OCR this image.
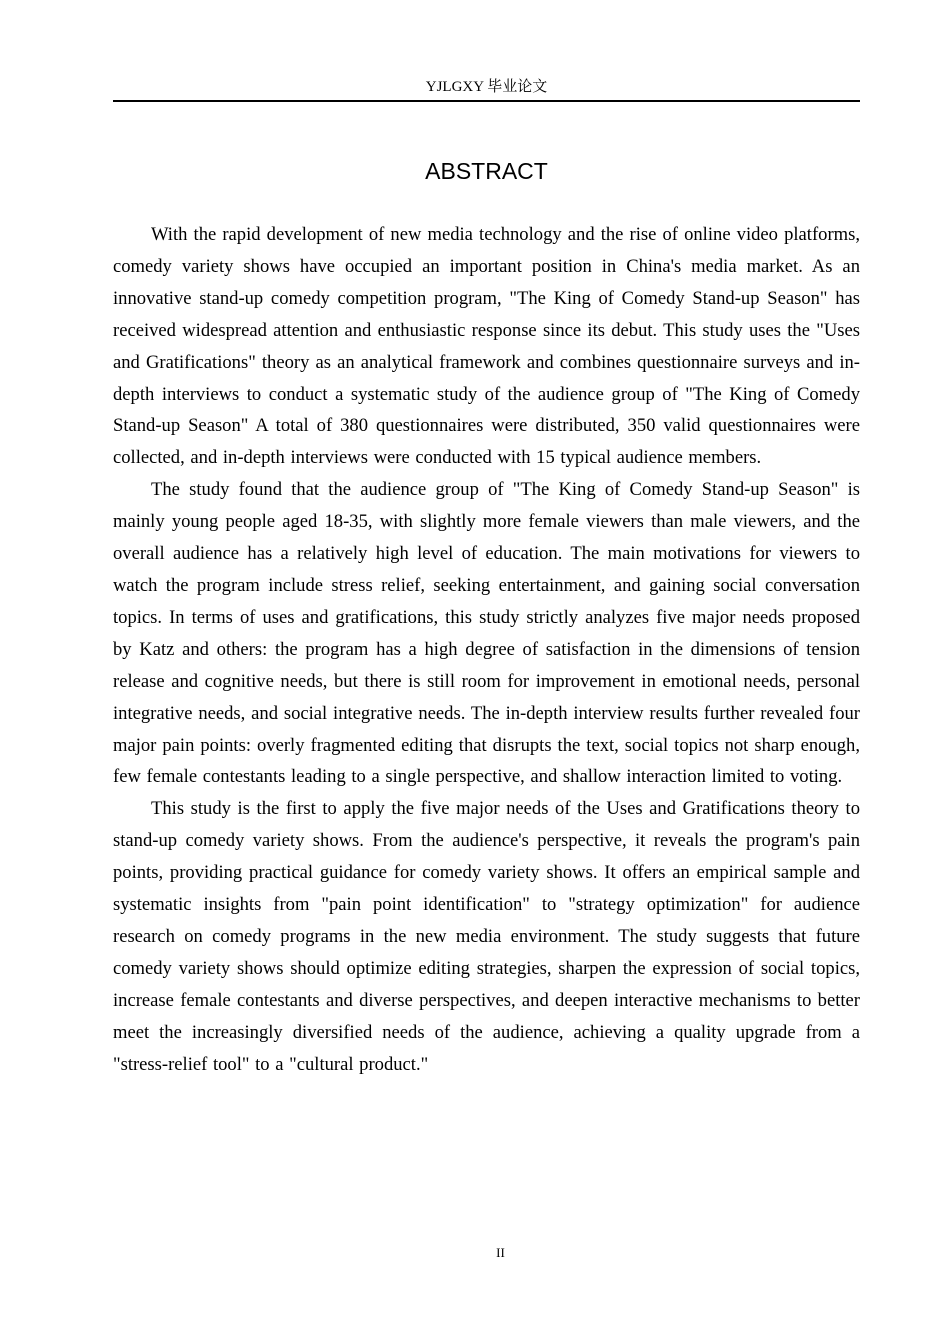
YJLGXY 毕业论文
ABSTRACT

With the rapid development of new media technology and the rise of online video platforms, comedy variety shows have occupied an important position in China's media market. As an innovative stand-up comedy competition program, "The King of Comedy Stand-up Season" has received widespread attention and enthusiastic response since its debut. This study uses the "Uses and Gratifications" theory as an analytical framework and combines questionnaire surveys and in-depth interviews to conduct a systematic study of the audience group of "The King of Comedy Stand-up Season" A total of 380 questionnaires were distributed, 350 valid questionnaires were collected, and in-depth interviews were conducted with 15 typical audience members.

The study found that the audience group of "The King of Comedy Stand-up Season" is mainly young people aged 18-35, with slightly more female viewers than male viewers, and the overall audience has a relatively high level of education. The main motivations for viewers to watch the program include stress relief, seeking entertainment, and gaining social conversation topics. In terms of uses and gratifications, this study strictly analyzes five major needs proposed by Katz and others: the program has a high degree of satisfaction in the dimensions of tension release and cognitive needs, but there is still room for improvement in emotional needs, personal integrative needs, and social integrative needs. The in-depth interview results further revealed four major pain points: overly fragmented editing that disrupts the text, social topics not sharp enough, few female contestants leading to a single perspective, and shallow interaction limited to voting.

This study is the first to apply the five major needs of the Uses and Gratifications theory to stand-up comedy variety shows. From the audience's perspective, it reveals the program's pain points, providing practical guidance for comedy variety shows. It offers an empirical sample and systematic insights from "pain point identification" to "strategy optimization" for audience research on comedy programs in the new media environment. The study suggests that future comedy variety shows should optimize editing strategies, sharpen the expression of social topics, increase female contestants and diverse perspectives, and deepen interactive mechanisms to better meet the increasingly diversified needs of the audience, achieving a quality upgrade from a "stress-relief tool" to a "cultural product."

II
